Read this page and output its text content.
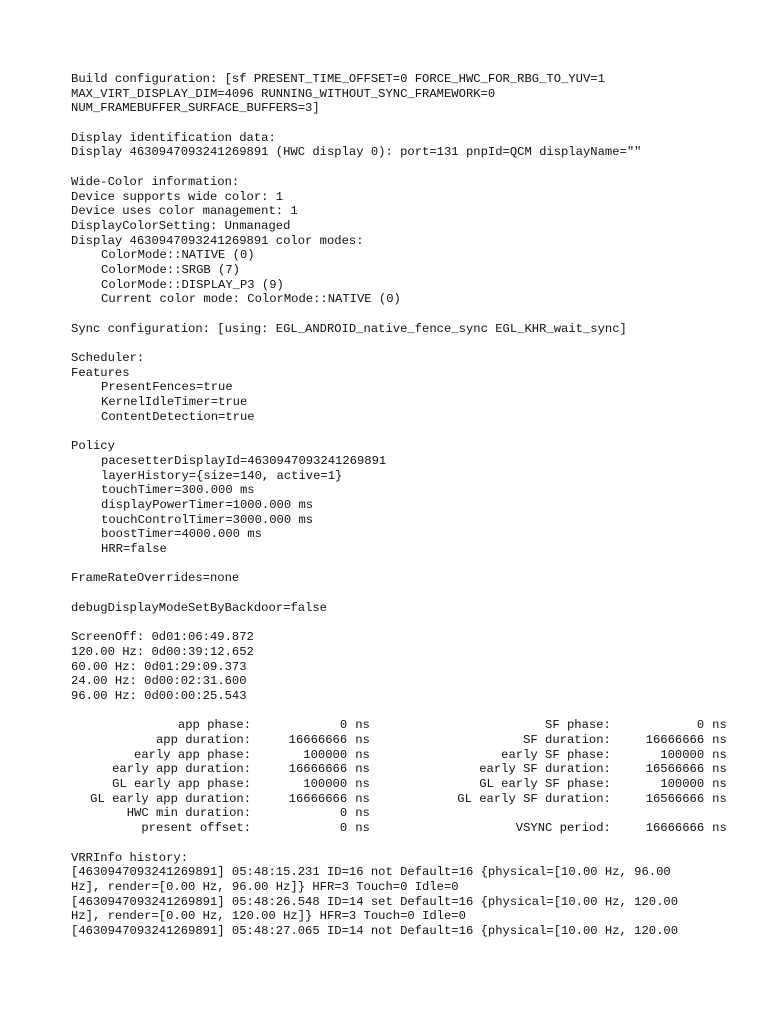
Build configuration: [sf PRESENT_TIME_OFFSET=0 FORCE_HWC_FOR_RBG_TO_YUV=1
MAX_VIRT_DISPLAY_DIM=4096 RUNNING_WITHOUT_SYNC_FRAMEWORK=0
NUM_FRAMEBUFFER_SURFACE_BUFFERS=3]
Display identification data:
Display 4630947093241269891 (HWC display 0): port=131 pnpId=QCM displayName=""
Wide-Color information:
Device supports wide color: 1
Device uses color management: 1
DisplayColorSetting: Unmanaged
Display 4630947093241269891 color modes:
ColorMode::NATIVE (0)
ColorMode::SRGB (7)
ColorMode::DISPLAY_P3 (9)
Current color mode: ColorMode::NATIVE (0)
Sync configuration: [using: EGL_ANDROID_native_fence_sync EGL_KHR_wait_sync]
Scheduler:
Features
PresentFences=true
KernelIdleTimer=true
ContentDetection=true
Policy
pacesetterDisplayId=4630947093241269891
layerHistory={size=140, active=1}
touchTimer=300.000 ms
displayPowerTimer=1000.000 ms
touchControlTimer=3000.000 ms
boostTimer=4000.000 ms
HRR=false
FrameRateOverrides=none
debugDisplayModeSetByBackdoor=false
ScreenOff: 0d01:06:49.872
120.00 Hz: 0d00:39:12.652
60.00 Hz: 0d01:29:09.373
24.00 Hz: 0d00:02:31.600
96.00 Hz: 0d00:00:25.543
app phase:	0	ns	SF phase:	0	ns
app duration:	16666666	ns	SF duration:	16666666	ns
early app phase:	100000	ns	early SF phase:	100000	ns
early app duration:	16666666	ns	early SF duration:	16566666	ns
GL early app phase:	100000	ns	GL early SF phase:	100000	ns
GL early app duration:	16666666	ns	GL early SF duration:	16566666	ns
HWC min duration:	0	ns			
present offset:	0	ns	VSYNC period:	16666666	ns
VRRInfo history:
[4630947093241269891] 05:48:15.231 ID=16 not Default=16 {physical=[10.00 Hz, 96.00
Hz], render=[0.00 Hz, 96.00 Hz]} HFR=3 Touch=0 Idle=0
[4630947093241269891] 05:48:26.548 ID=14 set Default=16 {physical=[10.00 Hz, 120.00
Hz], render=[0.00 Hz, 120.00 Hz]} HFR=3 Touch=0 Idle=0
[4630947093241269891] 05:48:27.065 ID=14 not Default=16 {physical=[10.00 Hz, 120.00
